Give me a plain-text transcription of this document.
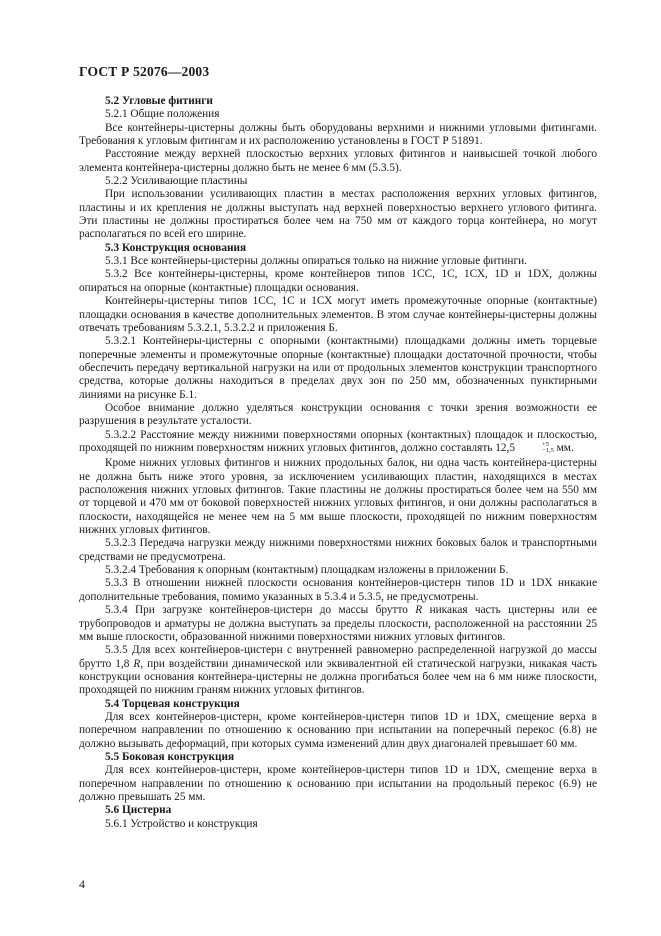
ГОСТ Р 52076—2003

5.2 Угловые фитинги

5.2.1 Общие положения

Все контейнеры-цистерны должны быть оборудованы верхними и нижними угловыми фитингами. Требования к угловым фитингам и их расположению установлены в ГОСТ Р 51891.

Расстояние между верхней плоскостью верхних угловых фитингов и наивысшей точкой любого элемента контейнера-цистерны должно быть не менее 6 мм (5.3.5).

5.2.2 Усиливающие пластины

При использовании усиливающих пластин в местах расположения верхних угловых фитингов, пластины и их крепления не должны выступать над верхней поверхностью верхнего углового фитинга. Эти пластины не должны простираться более чем на 750 мм от каждого торца контейнера, но могут располагаться по всей его ширине.

5.3 Конструкция основания

5.3.1 Все контейнеры-цистерны должны опираться только на нижние угловые фитинги.

5.3.2 Все контейнеры-цистерны, кроме контейнеров типов 1СС, 1С, 1СХ, 1D и 1DX, должны опираться на опорные (контактные) площадки основания.

Контейнеры-цистерны типов 1СС, 1С и 1СХ могут иметь промежуточные опорные (контактные) площадки основания в качестве дополнительных элементов. В этом случае контейнеры-цистерны должны отвечать требованиям 5.3.2.1, 5.3.2.2 и приложения Б.

5.3.2.1 Контейнеры-цистерны с опорными (контактными) площадками должны иметь торцевые поперечные элементы и промежуточные опорные (контактные) площадки достаточной прочности, чтобы обеспечить передачу вертикальной нагрузки на или от продольных элементов конструкции транспортного средства, которые должны находиться в пределах двух зон по 250 мм, обозначенных пунктирными линиями на рисунке Б.1.

Особое внимание должно уделяться конструкции основания с точки зрения возможности ее разрушения в результате усталости.

5.3.2.2 Расстояние между нижними поверхностями опорных (контактных) площадок и плоскостью, проходящей по нижним поверхностям нижних угловых фитингов, должно составлять 12,5	+5
−1,5 мм.

Кроме нижних угловых фитингов и нижних продольных балок, ни одна часть контейнера-цистерны не должна быть ниже этого уровня, за исключением усиливающих пластин, находящихся в местах расположения нижних угловых фитингов. Такие пластины не должны простираться более чем на 550 мм от торцевой и 470 мм от боковой поверхностей нижних угловых фитингов, и они должны располагаться в плоскости, находящейся не менее чем на 5 мм выше плоскости, проходящей по нижним поверхностям нижних угловых фитингов.

5.3.2.3 Передача нагрузки между нижними поверхностями нижних боковых балок и транспортными средствами не предусмотрена.

5.3.2.4 Требования к опорным (контактным) площадкам изложены в приложении Б.

5.3.3 В отношении нижней плоскости основания контейнеров-цистерн типов 1D и 1DX никакие дополнительные требования, помимо указанных в 5.3.4 и 5.3.5, не предусмотрены.

5.3.4 При загрузке контейнеров-цистерн до массы брутто R никакая часть цистерны или ее трубопроводов и арматуры не должна выступать за пределы плоскости, расположенной на расстоянии 25 мм выше плоскости, образованной нижними поверхностями нижних угловых фитингов.

5.3.5 Для всех контейнеров-цистерн с внутренней равномерно распределенной нагрузкой до массы брутто 1,8 R, при воздействии динамической или эквивалентной ей статической нагрузки, никакая часть конструкции основания контейнера-цистерны не должна прогибаться более чем на 6 мм ниже плоскости, проходящей по нижним граням нижних угловых фитингов.

5.4 Торцевая конструкция

Для всех контейнеров-цистерн, кроме контейнеров-цистерн типов 1D и 1DX, смещение верха в поперечном направлении по отношению к основанию при испытании на поперечный перекос (6.8) не должно вызывать деформаций, при которых сумма изменений длин двух диагоналей превышает 60 мм.

5.5 Боковая конструкция

Для всех контейнеров-цистерн, кроме контейнеров-цистерн типов 1D и 1DX, смещение верха в поперечном направлении по отношению к основанию при испытании на продольный перекос (6.9) не должно превышать 25 мм.

5.6 Цистерна

5.6.1 Устройство и конструкция

4
